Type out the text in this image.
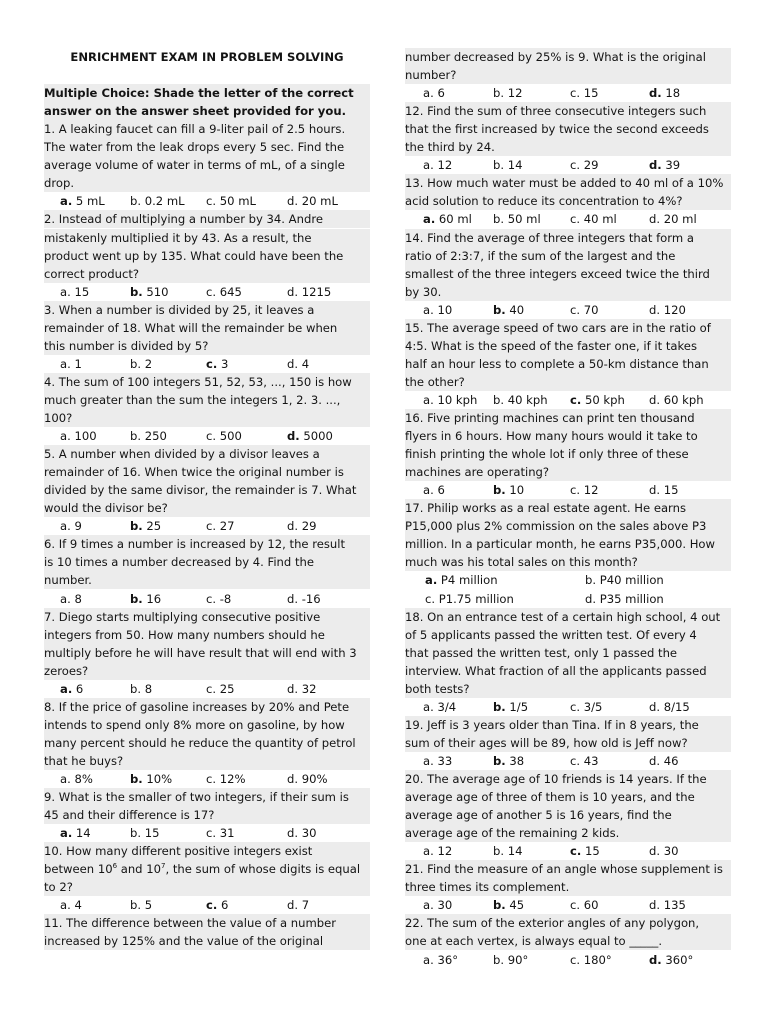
ENRICHMENT EXAM IN PROBLEM SOLVING
Multiple Choice: Shade the letter of the correct
answer on the answer sheet provided for you.
1. A leaking faucet can fill a 9-liter pail of 2.5 hours.
The water from the leak drops every 5 sec. Find the
average volume of water in terms of mL, of a single
drop.
a. 5 mL b. 0.2 mL c. 50 mL	d. 20 mL
2. Instead of multiplying a number by 34. Andre
mistakenly multiplied it by 43. As a result, the
product went up by 135. What could have been the
correct product?
a. 15	b. 510	c. 645	d. 1215
3. When a number is divided by 25, it leaves a
remainder of 18. What will the remainder be when
this number is divided by 5?
a. 1	b. 2	c. 3	d. 4
4. The sum of 100 integers 51, 52, 53, ..., 150 is how
much greater than the sum the integers 1, 2. 3. ...,
100?
a. 100	b. 250	c. 500	d. 5000
5. A number when divided by a divisor leaves a
remainder of 16. When twice the original number is
divided by the same divisor, the remainder is 7. What
would the divisor be?
a. 9	b. 25	c. 27	d. 29
6. If 9 times a number is increased by 12, the result
is 10 times a number decreased by 4. Find the
number.
a. 8	b. 16	c. -8	d. -16
7. Diego starts multiplying consecutive positive
integers from 50. How many numbers should he
multiply before he will have result that will end with 3
zeroes?
a. 6	b. 8	c. 25	d. 32
8. If the price of gasoline increases by 20% and Pete
intends to spend only 8% more on gasoline, by how
many percent should he reduce the quantity of petrol
that he buys?
a. 8%	b. 10%	c. 12%	d. 90%
9. What is the smaller of two integers, if their sum is
45 and their difference is 17?
a. 14	b. 15	c. 31	d. 30
10. How many different positive integers exist
between $10^6$ and $10^7$, the sum of whose digits is equal
to 2?
a. 4	b. 5	c. 6	d. 7
11. The difference between the value of a number
increased by 125% and the value of the original
number decreased by 25% is 9. What is the original
number?
a. 6	b. 12	c. 15	d. 18
12. Find the sum of three consecutive integers such
that the first increased by twice the second exceeds
the third by 24.
a. 12	b. 14	c. 29	d. 39
13. How much water must be added to 40 ml of a 10%
acid solution to reduce its concentration to 4%?
a. 60 ml b. 50 ml	c. 40 ml	d. 20 ml
14. Find the average of three integers that form a
ratio of 2:3:7, if the sum of the largest and the
smallest of the three integers exceed twice the third
by 30.
a. 10	b. 40	c. 70	d. 120
15. The average speed of two cars are in the ratio of
4:5. What is the speed of the faster one, if it takes
half an hour less to complete a 50-km distance than
the other?
a. 10 kph b. 40 kph c. 50 kph d. 60 kph
16. Five printing machines can print ten thousand
flyers in 6 hours. How many hours would it take to
finish printing the whole lot if only three of these
machines are operating?
a. 6	b. 10	c. 12	d. 15
17. Philip works as a real estate agent. He earns
P15,000 plus 2% commission on the sales above P3
million. In a particular month, he earns P35,000. How
much was his total sales on this month?
a. P4 million	b. P40 million
c. P1.75 million	d. P35 million
18. On an entrance test of a certain high school, 4 out
of 5 applicants passed the written test. Of every 4
that passed the written test, only 1 passed the
interview. What fraction of all the applicants passed
both tests?
a. 3/4	b. 1/5	c. 3/5	d. 8/15
19. Jeff is 3 years older than Tina. If in 8 years, the
sum of their ages will be 89, how old is Jeff now?
a. 33	b. 38	c. 43	d. 46
20. The average age of 10 friends is 14 years. If the
average age of three of them is 10 years, and the
average age of another 5 is 16 years, find the
average age of the remaining 2 kids.
a. 12	b. 14	c. 15	d. 30
21. Find the measure of an angle whose supplement is
three times its complement.
a. 30	b. 45	c. 60	d. 135
22. The sum of the exterior angles of any polygon,
one at each vertex, is always equal to _____.
a. 36°	b. 90°	c. 180°	d. 360°
